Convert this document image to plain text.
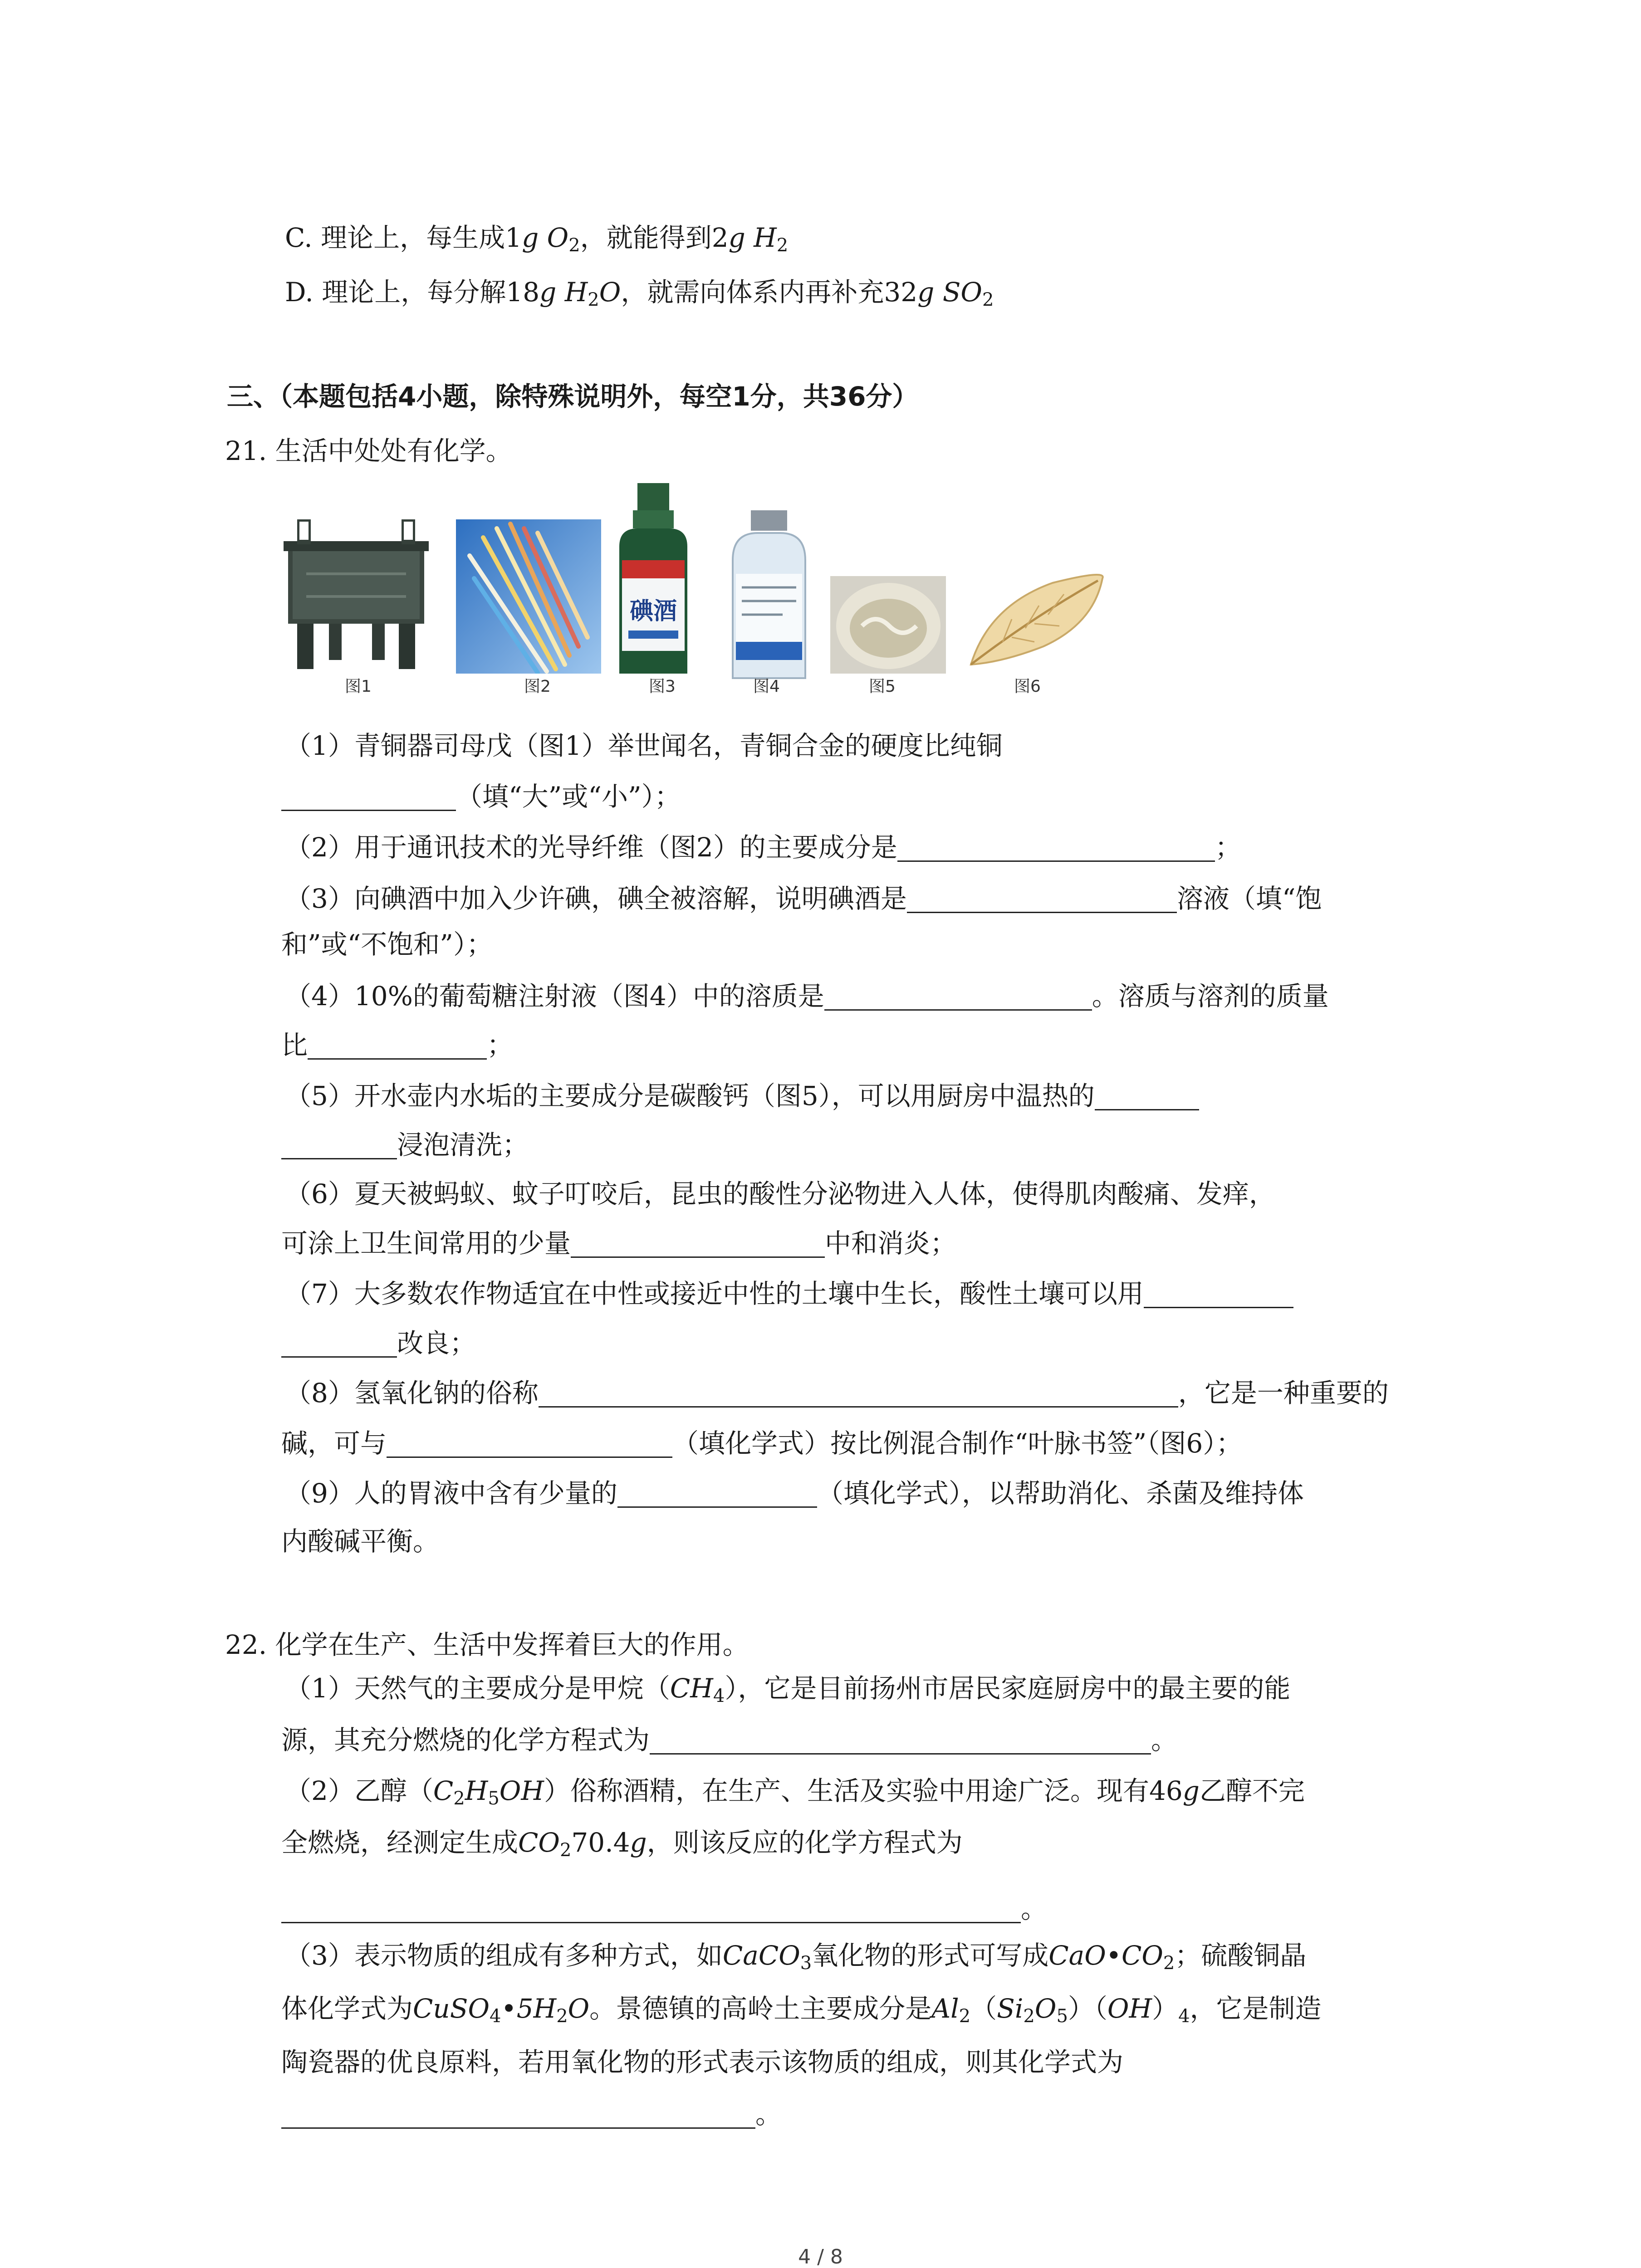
C. 理论上，每生成1g $O_2$，就能得到2g $H_2$
D. 理论上，每分解18g $H_2O$，就需向体系内再补充32g $SO_2$
三、（本题包括4小题，除特殊说明外，每空1分，共36分）
21. 生活中处处有化学。
碘酒
图1	图2	图3	图4	图5	图6
（1）青铜器司母戊（图1）举世闻名，青铜合金的硬度比纯铜
（填“大”或“小”）；
（2）用于通讯技术的光导纤维（图2）的主要成分是	；
（3）向碘酒中加入少许碘，碘全被溶解，说明碘酒是	溶液（填“饱
和”或“不饱和”）；
（4）10%的葡萄糖注射液（图4）中的溶质是	。溶质与溶剂的质量
比	；
（5）开水壶内水垢的主要成分是碳酸钙（图5），可以用厨房中温热的
浸泡清洗；
（6）夏天被蚂蚁、蚊子叮咬后，昆虫的酸性分泌物进入人体，使得肌肉酸痛、发痒，
可涂上卫生间常用的少量	中和消炎；
（7）大多数农作物适宜在中性或接近中性的土壤中生长，酸性土壤可以用
改良；
（8）氢氧化钠的俗称	，它是一种重要的
碱，可与	（填化学式）按比例混合制作“叶脉书签”（图6）；
（9）人的胃液中含有少量的	（填化学式），以帮助消化、杀菌及维持体
内酸碱平衡。
22. 化学在生产、生活中发挥着巨大的作用。
（1）天然气的主要成分是甲烷$(CH_4)$，它是目前扬州市居民家庭厨房中的最主要的能
源，其充分燃烧的化学方程式为	。
（2）乙醇$(C_2H_5OH)$俗称酒精，在生产、生活及实验中用途广泛。现有46g乙醇不完
全燃烧，经测定生成$CO_270.4g$，则该反应的化学方程式为
。
（3）表示物质的组成有多种方式，如CaCO$_3$氧化物的形式可写成$CaO•CO_2$；硫酸铜晶
体化学式为$CuSO_4•5H_2O$。景德镇的高岭土主要成分是$Al_2(Si_2O_5)(OH)_4$，它是制造
陶瓷器的优良原料，若用氧化物的形式表示该物质的组成，则其化学式为
。
4 / 8
